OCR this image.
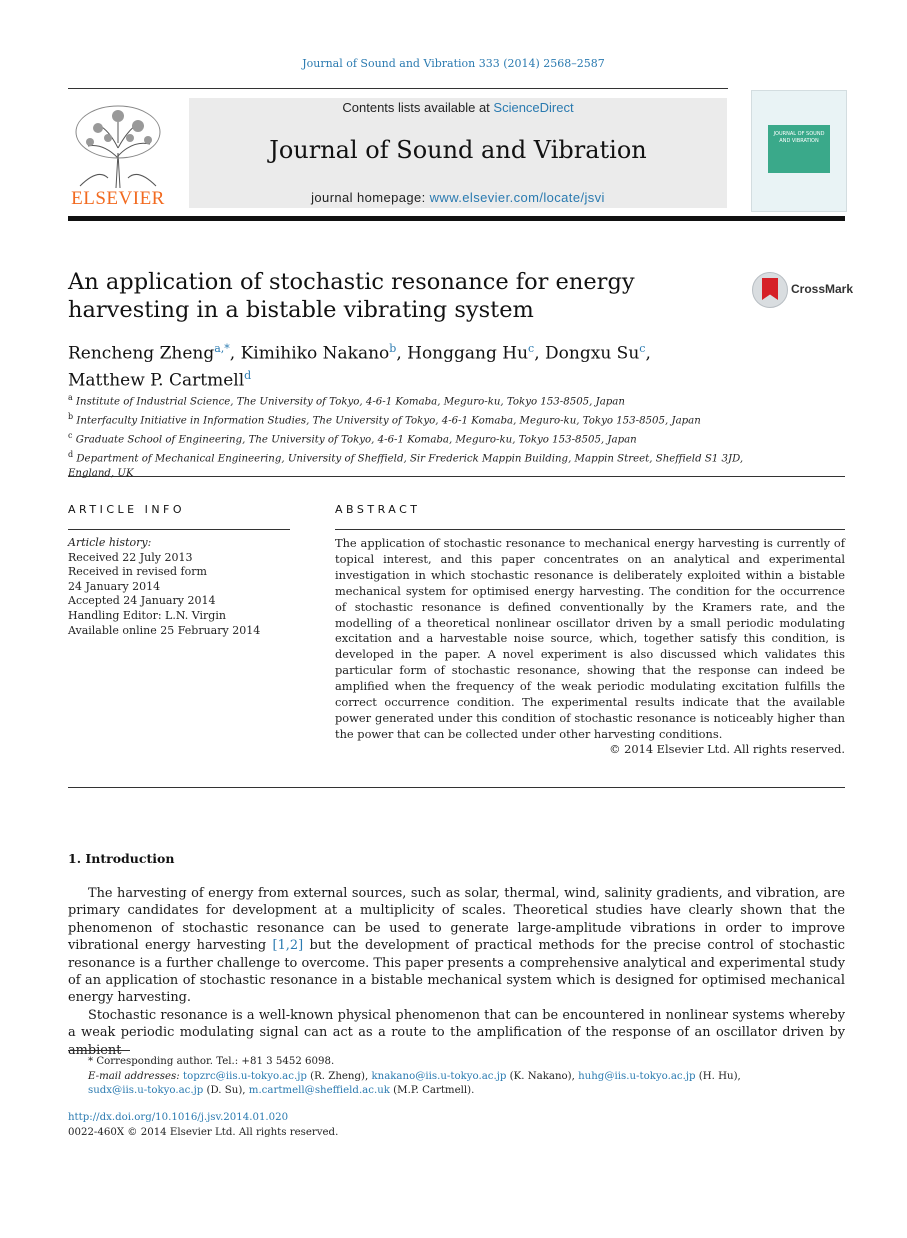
Journal of Sound and Vibration 333 (2014) 2568–2587
ELSEVIER
Contents lists available at ScienceDirect
Journal of Sound and Vibration
journal homepage: www.elsevier.com/locate/jsvi
JOURNAL OF SOUND AND VIBRATION
An application of stochastic resonance for energy harvesting in a bistable vibrating system
CrossMark
Rencheng Zheng$^{a,*}$, Kimihiko Nakano$^b$, Honggang Hu$^c$, Dongxu Su$^c$,
Matthew P. Cartmell$^d$
$^a$ Institute of Industrial Science, The University of Tokyo, 4-6-1 Komaba, Meguro-ku, Tokyo 153-8505, Japan
$^b$ Interfaculty Initiative in Information Studies, The University of Tokyo, 4-6-1 Komaba, Meguro-ku, Tokyo 153-8505, Japan
$^c$ Graduate School of Engineering, The University of Tokyo, 4-6-1 Komaba, Meguro-ku, Tokyo 153-8505, Japan
$^d$ Department of Mechanical Engineering, University of Sheffield, Sir Frederick Mappin Building, Mappin Street, Sheffield S1 3JD, England, UK
ARTICLE INFO
Article history:
Received 22 July 2013
Received in revised form
24 January 2014
Accepted 24 January 2014
Handling Editor: L.N. Virgin
Available online 25 February 2014
ABSTRACT
The application of stochastic resonance to mechanical energy harvesting is currently of topical interest, and this paper concentrates on an analytical and experimental investigation in which stochastic resonance is deliberately exploited within a bistable mechanical system for optimised energy harvesting. The condition for the occurrence of stochastic resonance is defined conventionally by the Kramers rate, and the modelling of a theoretical nonlinear oscillator driven by a small periodic modulating excitation and a harvestable noise source, which, together satisfy this condition, is developed in the paper. A novel experiment is also discussed which validates this particular form of stochastic resonance, showing that the response can indeed be amplified when the frequency of the weak periodic modulating excitation fulfills the correct occurrence condition. The experimental results indicate that the available power generated under this condition of stochastic resonance is noticeably higher than the power that can be collected under other harvesting conditions.
© 2014 Elsevier Ltd. All rights reserved.
1. Introduction

The harvesting of energy from external sources, such as solar, thermal, wind, salinity gradients, and vibration, are primary candidates for development at a multiplicity of scales. Theoretical studies have clearly shown that the phenomenon of stochastic resonance can be used to generate large-amplitude vibrations in order to improve vibrational energy harvesting [1,2] but the development of practical methods for the precise control of stochastic resonance is a further challenge to overcome. This paper presents a comprehensive analytical and experimental study of an application of stochastic resonance in a bistable mechanical system which is designed for optimised mechanical energy harvesting.

Stochastic resonance is a well-known physical phenomenon that can be encountered in nonlinear systems whereby a weak periodic modulating signal can act as a route to the amplification of the response of an oscillator driven by ambient

* Corresponding author. Tel.: +81 3 5452 6098.
E-mail addresses: topzrc@iis.u-tokyo.ac.jp (R. Zheng), knakano@iis.u-tokyo.ac.jp (K. Nakano), huhg@iis.u-tokyo.ac.jp (H. Hu),
sudx@iis.u-tokyo.ac.jp (D. Su), m.cartmell@sheffield.ac.uk (M.P. Cartmell).
http://dx.doi.org/10.1016/j.jsv.2014.01.020
0022-460X © 2014 Elsevier Ltd. All rights reserved.
